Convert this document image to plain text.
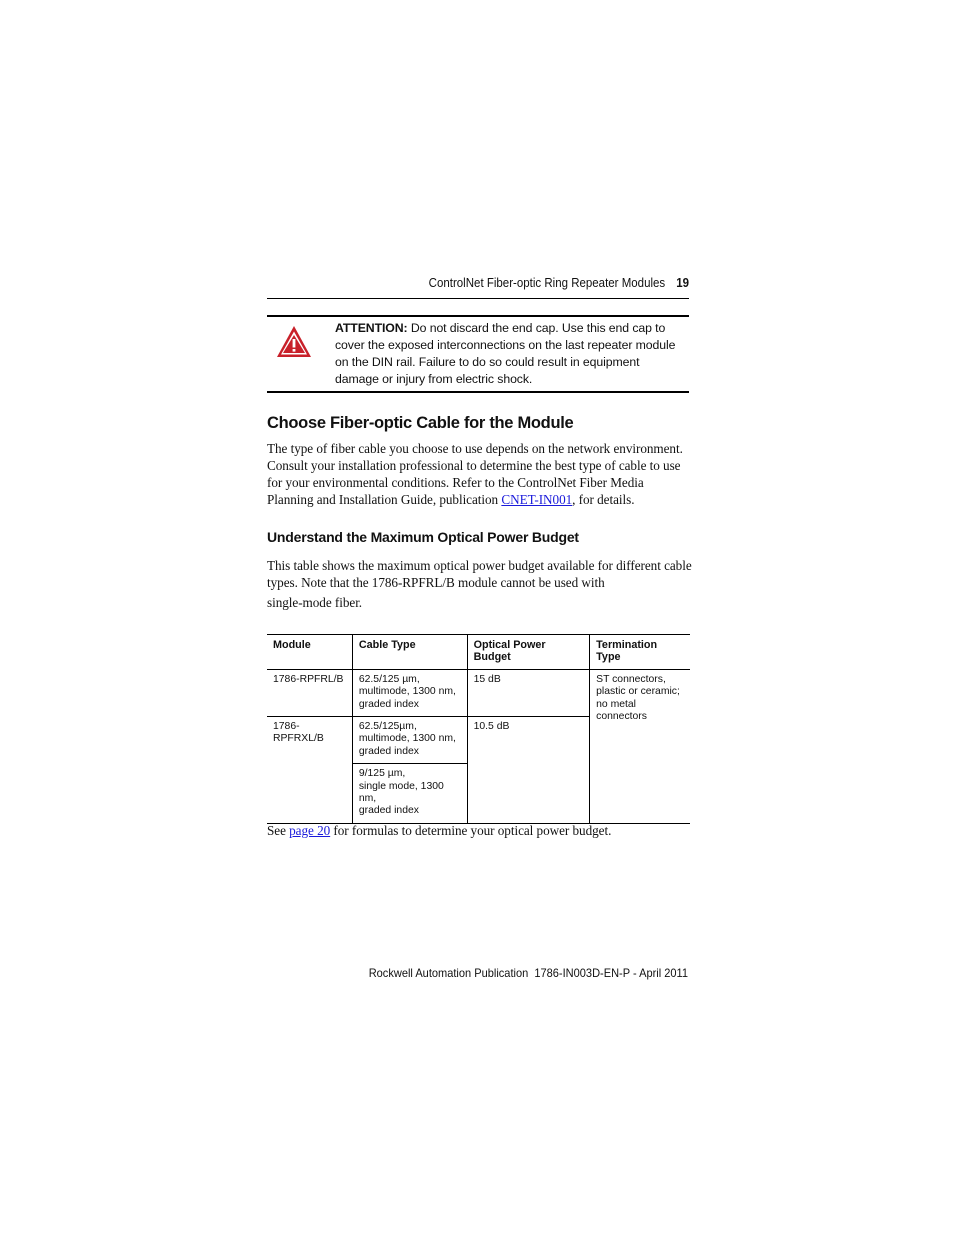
ControlNet Fiber-optic Ring Repeater Modules 19
ATTENTION: Do not discard the end cap. Use this end cap to cover the exposed interconnections on the last repeater module on the DIN rail. Failure to do so could result in equipment damage or injury from electric shock.
Choose Fiber-optic Cable for the Module

The type of fiber cable you choose to use depends on the network environment. Consult your installation professional to determine the best type of cable to use for your environmental conditions. Refer to the ControlNet Fiber Media Planning and Installation Guide, publication CNET-IN001, for details.

Understand the Maximum Optical Power Budget

This table shows the maximum optical power budget available for different cable types. Note that the 1786-RPFRL/B module cannot be used with
single-mode fiber.

Module	Cable Type	Optical Power Budget	Termination Type
1786-RPFRL/B	62.5/125 µm,
multimode, 1300 nm,
graded index	15 dB	ST connectors,
plastic or ceramic;
no metal
connectors
1786-RPFRXL/B	62.5/125µm,
multimode, 1300 nm,
graded index	10.5 dB	
	9/125 µm,
single mode, 1300 nm,
graded index		

See page 20 for formulas to determine your optical power budget.

Rockwell Automation Publication  1786-IN003D-EN-P - April 2011
